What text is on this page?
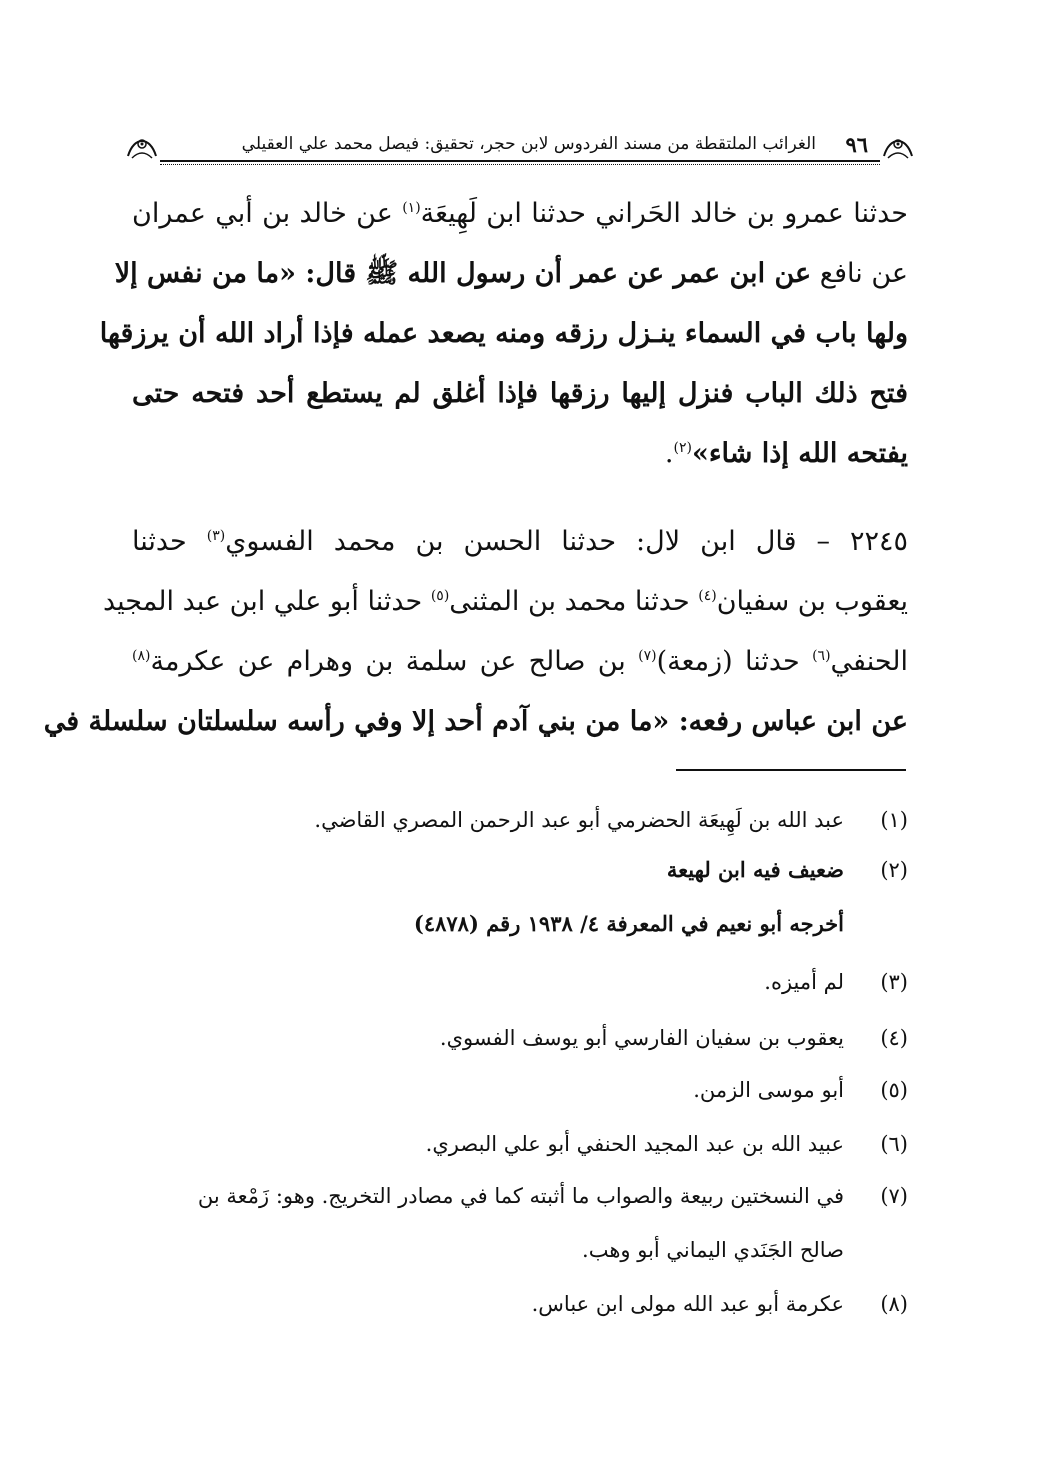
٩٦
الغرائب الملتقطة من مسند الفردوس لابن حجر، تحقيق: فيصل محمد علي العقيلي
حدثنا عمرو بن خالد الحَراني حدثنا ابن لَهِيعَة$^{(١)}$ عن خالد بن أبي عمران
عن نافع عن ابن عمر عن عمر أن رسول الله ﷺ قال: «ما من نفس إلا
ولها باب في السماء ينـزل رزقه ومنه يصعد عمله فإذا أراد الله أن يرزقها
فتح ذلك الباب فنزل إليها رزقها فإذا أغلق لم يستطع أحد فتحه حتى
يفتحه الله إذا شاء»$^{(٢)}$.
٢٢٤٥ – قال ابن لال: حدثنا الحسن بن محمد الفسوي$^{(٣)}$ حدثنا
يعقوب بن سفيان$^{(٤)}$ حدثنا محمد بن المثنى$^{(٥)}$ حدثنا أبو علي ابن عبد المجيد
الحنفي$^{(٦)}$ حدثنا (زمعة)$^{(٧)}$ بن صالح عن سلمة بن وهرام عن عكرمة$^{(٨)}$
عن ابن عباس رفعه: «ما من بني آدم أحد إلا وفي رأسه سلسلتان سلسلة في
(١)عبد الله بن لَهِيعَة الحضرمي أبو عبد الرحمن المصري القاضي.
(٢)ضعيف فيه ابن لهيعة
أخرجه أبو نعيم في المعرفة ٤/ ١٩٣٨ رقم (٤٨٧٨)
(٣)لم أميزه.
(٤)يعقوب بن سفيان الفارسي أبو يوسف الفسوي.
(٥)أبو موسى الزمن.
(٦)عبيد الله بن عبد المجيد الحنفي أبو علي البصري.
(٧)في النسختين ربيعة والصواب ما أثبته كما في مصادر التخريج. وهو: زَمْعة بن
صالح الجَنَدي اليماني أبو وهب.
(٨)عكرمة أبو عبد الله مولى ابن عباس.
